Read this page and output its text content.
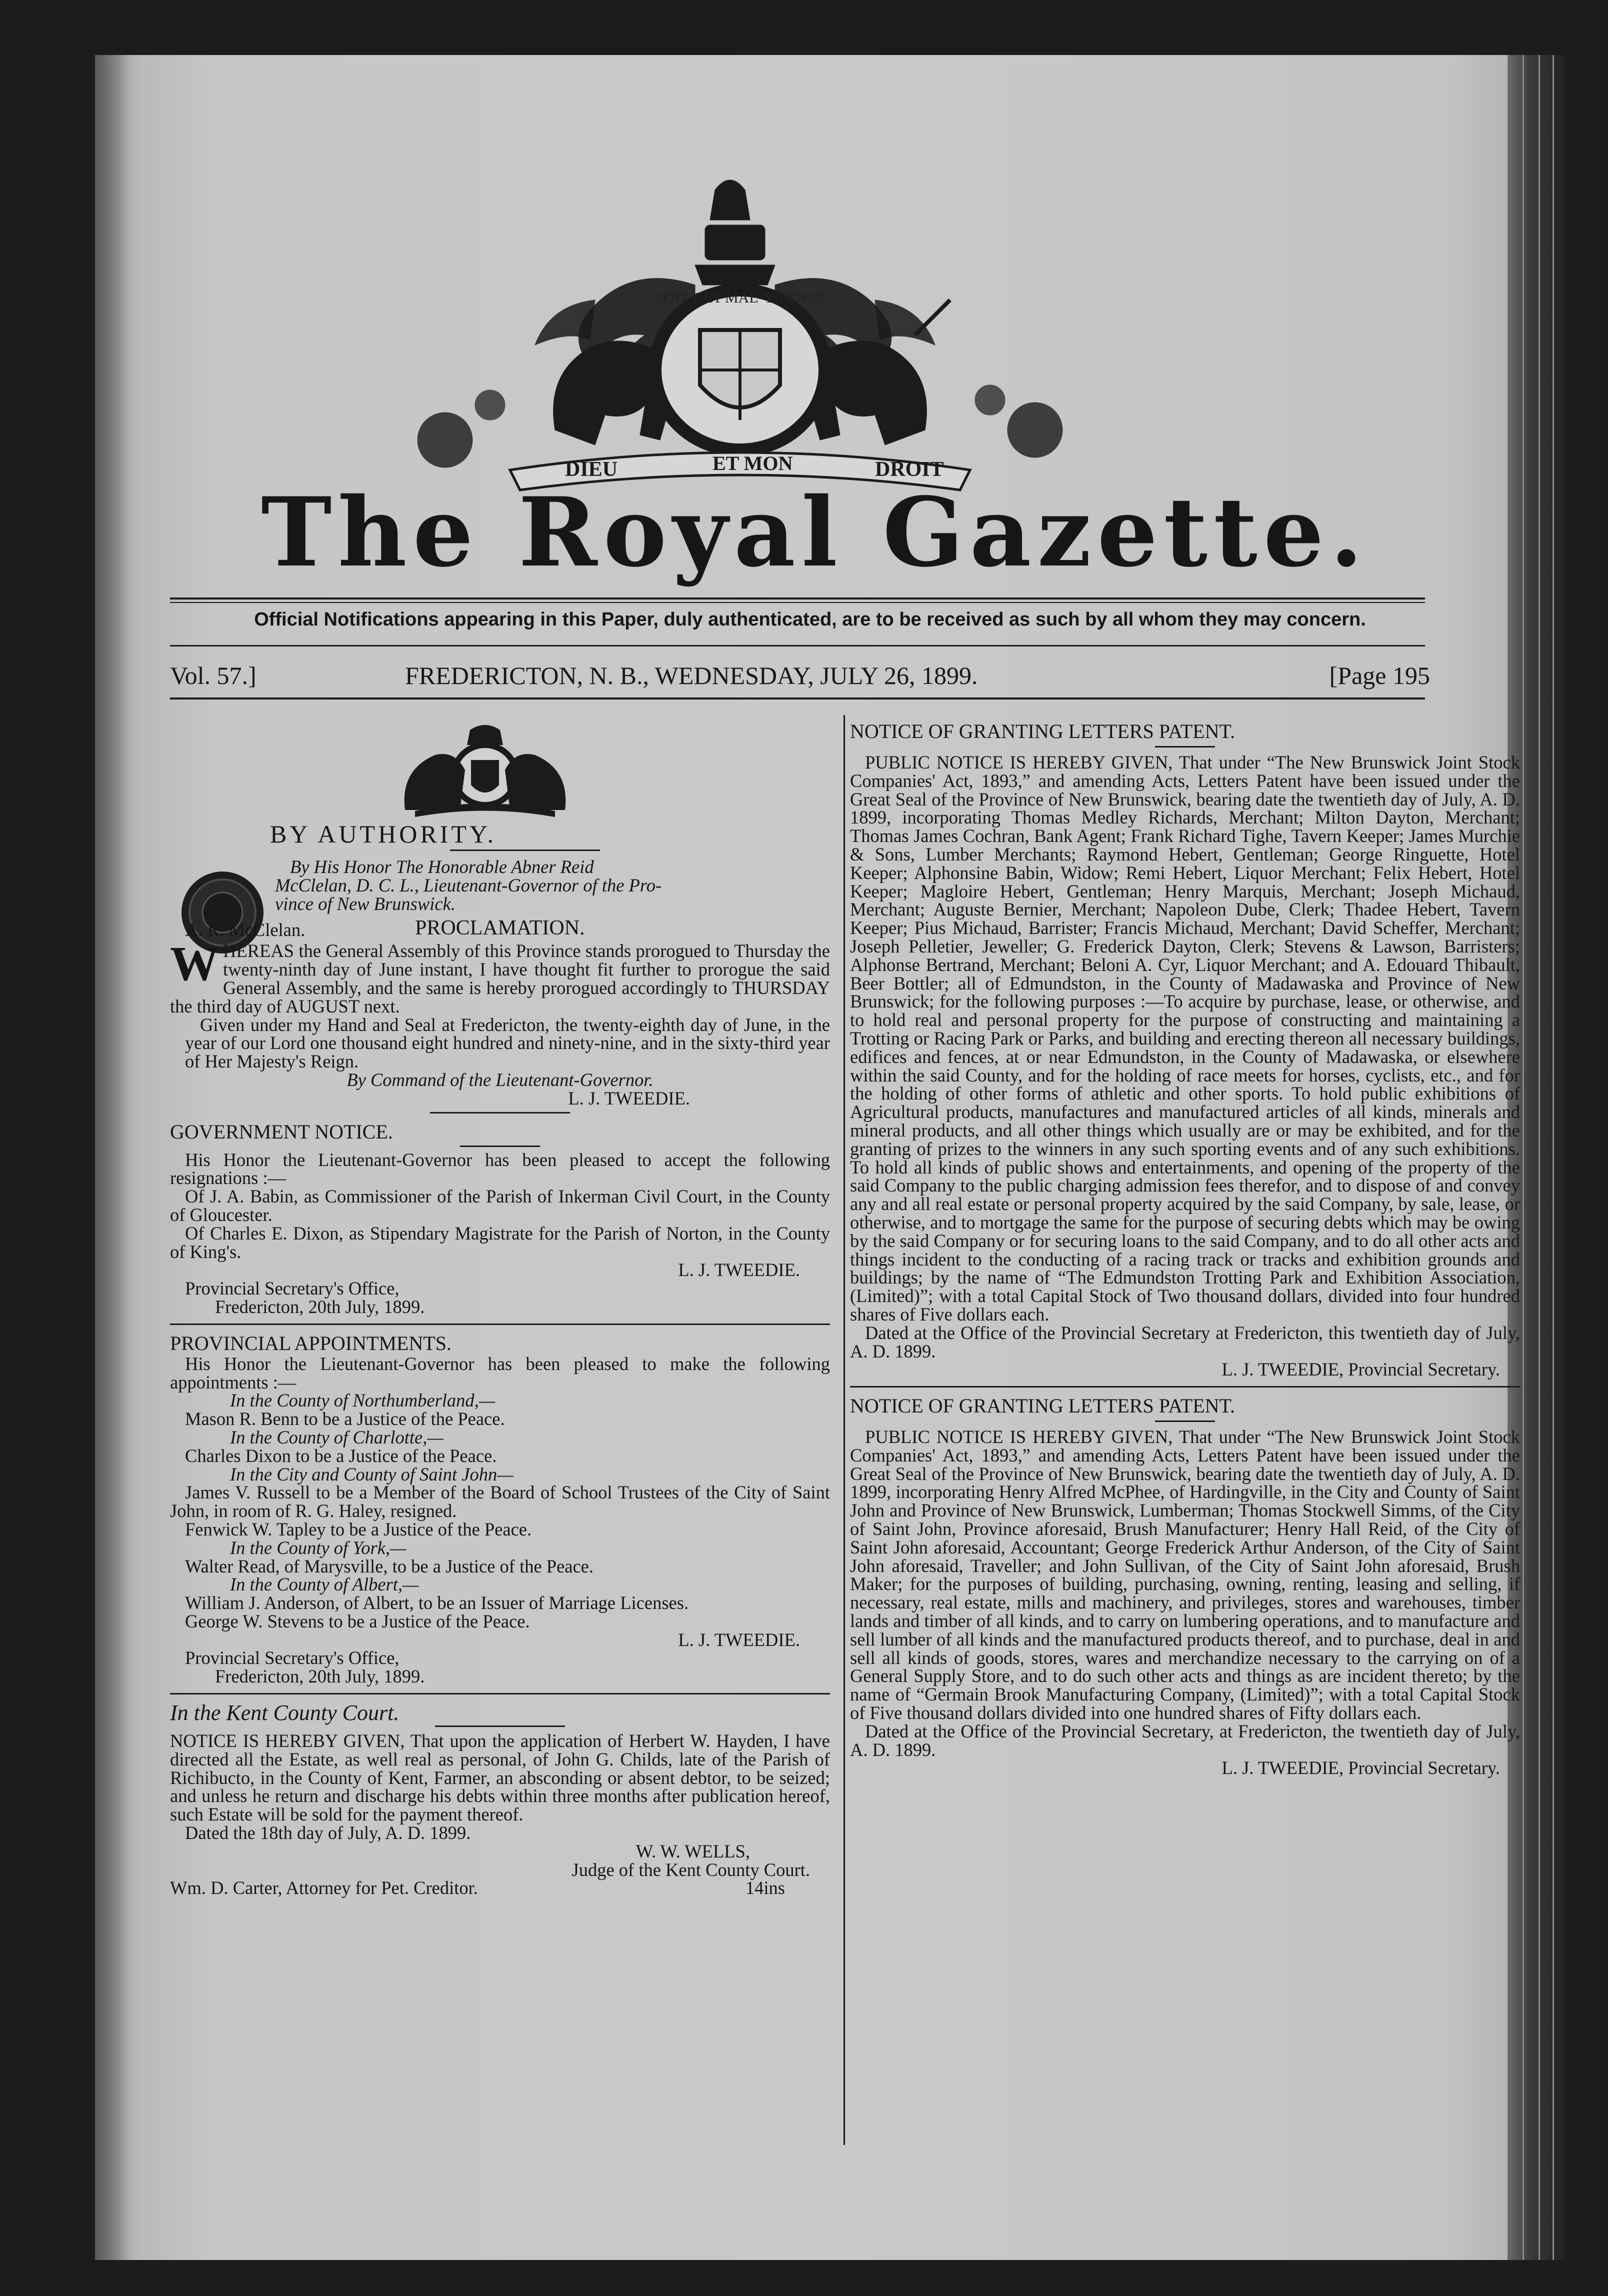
SOIT·QUI·MAL·Y·PENSE
DIEU	ET MON	DROIT
The Royal Gazette.
Official Notifications appearing in this Paper, duly authenticated, are to be received as such by all whom they may concern.
Vol. 57.]	FREDERICTON, N. B., WEDNESDAY, JULY 26, 1899.	[Page 195

BY AUTHORITY.

By His Honor The Honorable Abner Reid

McClelan, D. C. L., Lieutenant-Governor of the Pro-

vince of New Brunswick.

A. R. McClelan.	PROCLAMATION.

WHEREAS the General Assembly of this Province stands prorogued to Thursday the twenty-ninth day of June instant, I have thought fit further to prorogue the said General Assembly, and the same is hereby prorogued accordingly to THURSDAY the third day of AUGUST next.

Given under my Hand and Seal at Fredericton, the twenty-eighth day of June, in the year of our Lord one thousand eight hundred and ninety-nine, and in the sixty-third year of Her Majesty's Reign.

By Command of the Lieutenant-Governor.

L. J. TWEEDIE.

GOVERNMENT NOTICE.

His Honor the Lieutenant-Governor has been pleased to accept the following resignations :—

Of J. A. Babin, as Commissioner of the Parish of Inkerman Civil Court, in the County of Gloucester.

Of Charles E. Dixon, as Stipendary Magistrate for the Parish of Norton, in the County of King's.

L. J. TWEEDIE.

Provincial Secretary's Office,

Fredericton, 20th July, 1899.

PROVINCIAL APPOINTMENTS.

His Honor the Lieutenant-Governor has been pleased to make the following appointments :—

In the County of Northumberland,—

Mason R. Benn to be a Justice of the Peace.

In the County of Charlotte,—

Charles Dixon to be a Justice of the Peace.

In the City and County of Saint John—

James V. Russell to be a Member of the Board of School Trustees of the City of Saint John, in room of R. G. Haley, resigned.

Fenwick W. Tapley to be a Justice of the Peace.

In the County of York,—

Walter Read, of Marysville, to be a Justice of the Peace.

In the County of Albert,—

William J. Anderson, of Albert, to be an Issuer of Marriage Licenses.

George W. Stevens to be a Justice of the Peace.

L. J. TWEEDIE.

Provincial Secretary's Office,

Fredericton, 20th July, 1899.

In the Kent County Court.

NOTICE IS HEREBY GIVEN, That upon the application of Herbert W. Hayden, I have directed all the Estate, as well real as personal, of John G. Childs, late of the Parish of Richibucto, in the County of Kent, Farmer, an absconding or absent debtor, to be seized; and unless he return and discharge his debts within three months after publication hereof, such Estate will be sold for the payment thereof.

Dated the 18th day of July, A. D. 1899.

W. W. WELLS,

Judge of the Kent County Court.

Wm. D. Carter, Attorney for Pet. Creditor.	14ins

NOTICE OF GRANTING LETTERS PATENT.

PUBLIC NOTICE IS HEREBY GIVEN, That under “The New Brunswick Joint Stock Companies' Act, 1893,” and amending Acts, Letters Patent have been issued under the Great Seal of the Province of New Brunswick, bearing date the twentieth day of July, A. D. 1899, incorporating Thomas Medley Richards, Merchant; Milton Dayton, Merchant; Thomas James Cochran, Bank Agent; Frank Richard Tighe, Tavern Keeper; James Murchie & Sons, Lumber Merchants; Raymond Hebert, Gentleman; George Ringuette, Hotel Keeper; Alphonsine Babin, Widow; Remi Hebert, Liquor Merchant; Felix Hebert, Hotel Keeper; Magloire Hebert, Gentleman; Henry Marquis, Merchant; Joseph Michaud, Merchant; Auguste Bernier, Merchant; Napoleon Dube, Clerk; Thadee Hebert, Tavern Keeper; Pius Michaud, Barrister; Francis Michaud, Merchant; David Scheffer, Merchant; Joseph Pelletier, Jeweller; G. Frederick Dayton, Clerk; Stevens & Lawson, Barristers; Alphonse Bertrand, Merchant; Beloni A. Cyr, Liquor Merchant; and A. Edouard Thibault, Beer Bottler; all of Edmundston, in the County of Madawaska and Province of New Brunswick; for the following purposes :—To acquire by purchase, lease, or otherwise, and to hold real and personal property for the purpose of constructing and maintaining a Trotting or Racing Park or Parks, and building and erecting thereon all necessary buildings, edifices and fences, at or near Edmundston, in the County of Madawaska, or elsewhere within the said County, and for the holding of race meets for horses, cyclists, etc., and for the holding of other forms of athletic and other sports. To hold public exhibitions of Agricultural products, manufactures and manufactured articles of all kinds, minerals and mineral products, and all other things which usually are or may be exhibited, and for the granting of prizes to the winners in any such sporting events and of any such exhibitions. To hold all kinds of public shows and entertainments, and opening of the property of the said Company to the public charging admission fees therefor, and to dispose of and convey any and all real estate or personal property acquired by the said Company, by sale, lease, or otherwise, and to mortgage the same for the purpose of securing debts which may be owing by the said Company or for securing loans to the said Company, and to do all other acts and things incident to the conducting of a racing track or tracks and exhibition grounds and buildings; by the name of “The Edmundston Trotting Park and Exhibition Association, (Limited)”; with a total Capital Stock of Two thousand dollars, divided into four hundred shares of Five dollars each.

Dated at the Office of the Provincial Secretary at Fredericton, this twentieth day of July, A. D. 1899.

L. J. TWEEDIE, Provincial Secretary.

NOTICE OF GRANTING LETTERS PATENT.

PUBLIC NOTICE IS HEREBY GIVEN, That under “The New Brunswick Joint Stock Companies' Act, 1893,” and amending Acts, Letters Patent have been issued under the Great Seal of the Province of New Brunswick, bearing date the twentieth day of July, A. D. 1899, incorporating Henry Alfred McPhee, of Hardingville, in the City and County of Saint John and Province of New Brunswick, Lumberman; Thomas Stockwell Simms, of the City of Saint John, Province aforesaid, Brush Manufacturer; Henry Hall Reid, of the City of Saint John aforesaid, Accountant; George Frederick Arthur Anderson, of the City of Saint John aforesaid, Traveller; and John Sullivan, of the City of Saint John aforesaid, Brush Maker; for the purposes of building, purchasing, owning, renting, leasing and selling, if necessary, real estate, mills and machinery, and privileges, stores and warehouses, timber lands and timber of all kinds, and to carry on lumbering operations, and to manufacture and sell lumber of all kinds and the manufactured products thereof, and to purchase, deal in and sell all kinds of goods, stores, wares and merchandize necessary to the carrying on of a General Supply Store, and to do such other acts and things as are incident thereto; by the name of “Germain Brook Manufacturing Company, (Limited)”; with a total Capital Stock of Five thousand dollars divided into one hundred shares of Fifty dollars each.

Dated at the Office of the Provincial Secretary, at Fredericton, the twentieth day of July, A. D. 1899.

L. J. TWEEDIE, Provincial Secretary.
